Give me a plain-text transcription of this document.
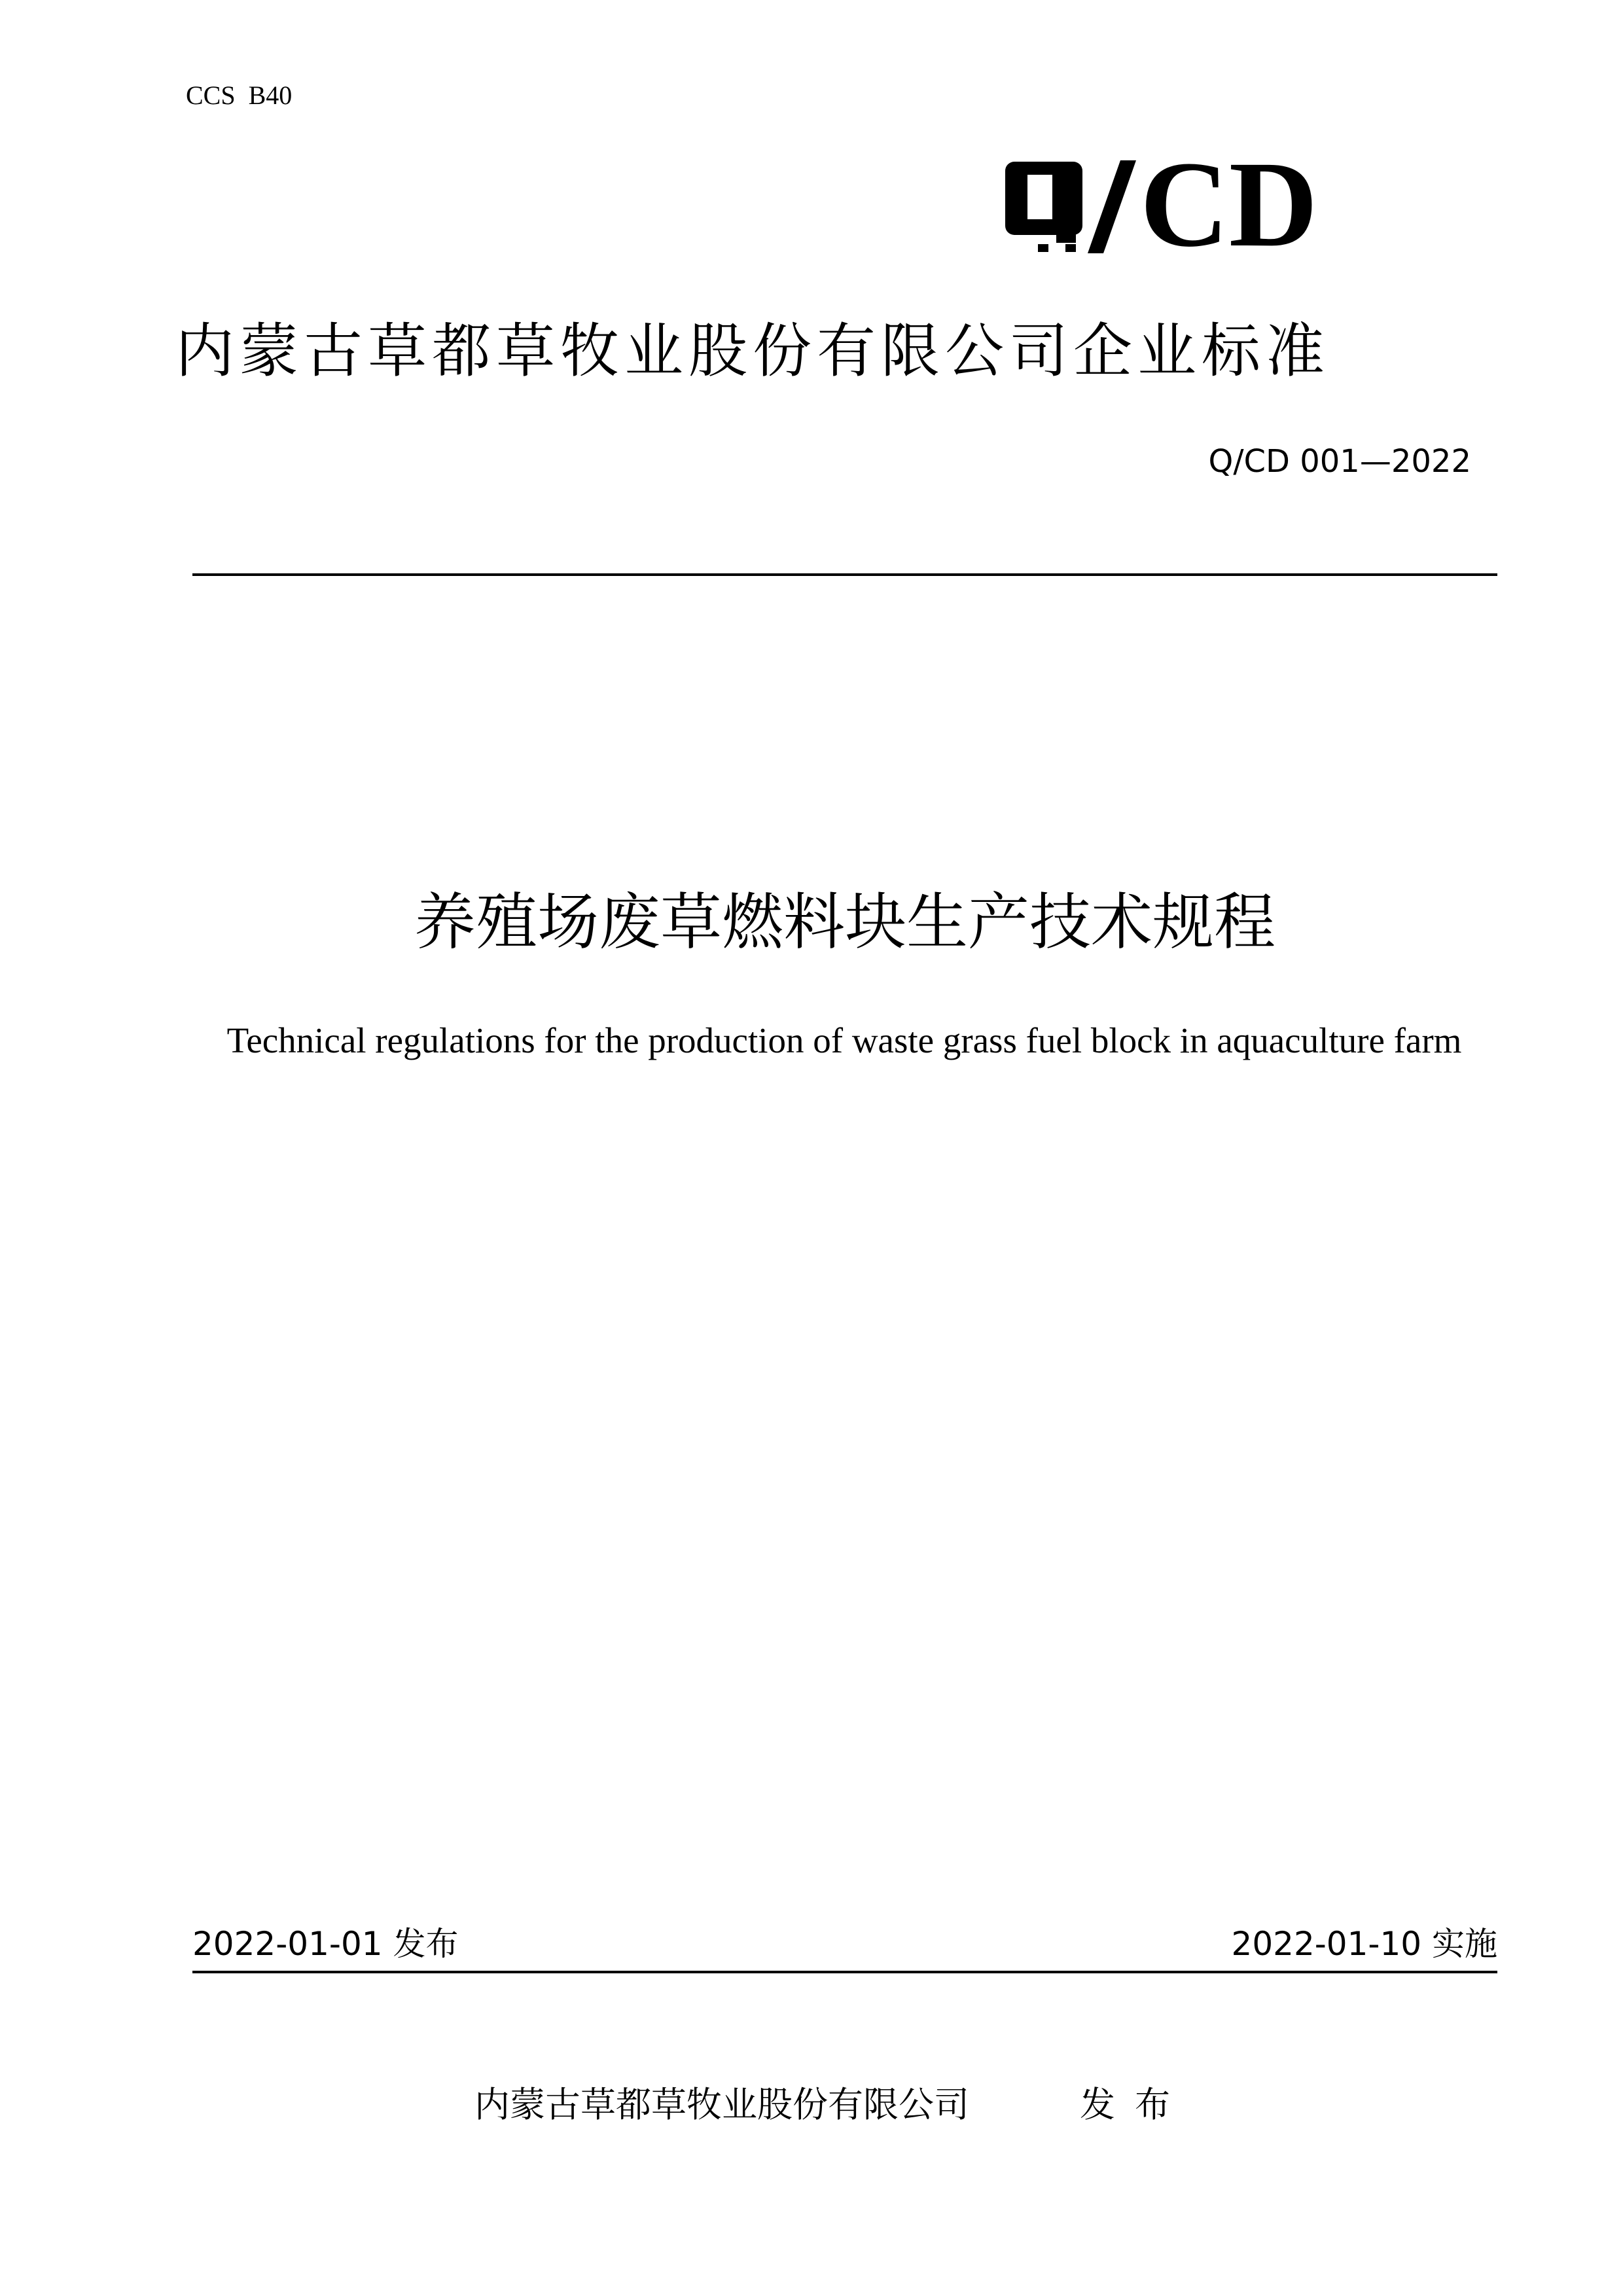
CCS  B40
CD
内蒙古草都草牧业股份有限公司企业标准
Q/CD 001—2022
养殖场废草燃料块生产技术规程
Technical regulations for the production of waste grass fuel block in aquaculture farm
2022-01-01 发布	2022-01-10 实施
内蒙古草都草牧业股份有限公司	发布
